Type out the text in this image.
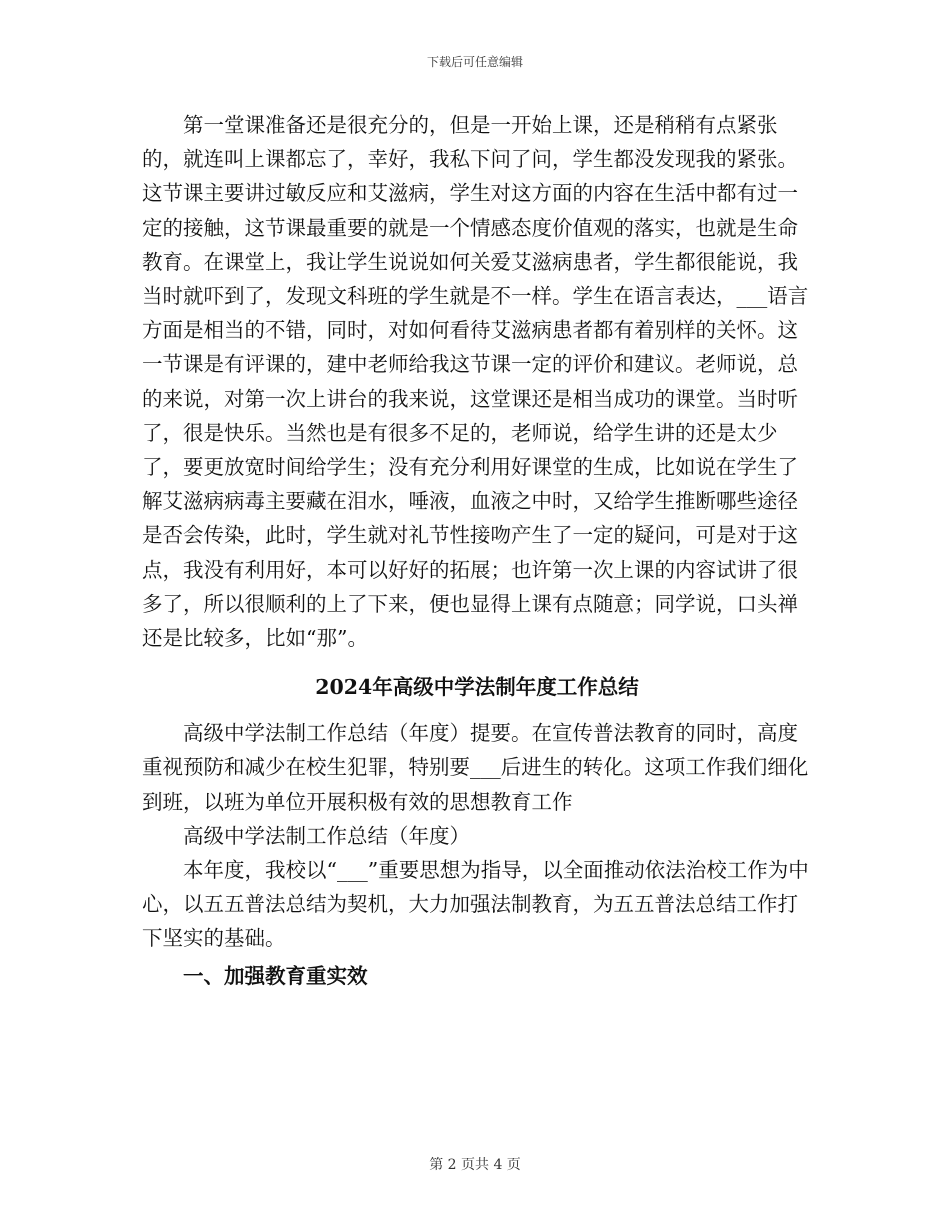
下载后可任意编辑

第一堂课准备还是很充分的，但是一开始上课，还是稍稍有点紧张的，就连叫上课都忘了，幸好，我私下问了问，学生都没发现我的紧张。这节课主要讲过敏反应和艾滋病，学生对这方面的内容在生活中都有过一定的接触，这节课最重要的就是一个情感态度价值观的落实，也就是生命教育。在课堂上，我让学生说说如何关爱艾滋病患者，学生都很能说，我当时就吓到了，发现文科班的学生就是不一样。学生在语言表达，___语言方面是相当的不错，同时，对如何看待艾滋病患者都有着别样的关怀。这一节课是有评课的，建中老师给我这节课一定的评价和建议。老师说，总的来说，对第一次上讲台的我来说，这堂课还是相当成功的课堂。当时听了，很是快乐。当然也是有很多不足的，老师说，给学生讲的还是太少了，要更放宽时间给学生；没有充分利用好课堂的生成，比如说在学生了解艾滋病病毒主要藏在泪水，唾液，血液之中时，又给学生推断哪些途径是否会传染，此时，学生就对礼节性接吻产生了一定的疑问，可是对于这点，我没有利用好，本可以好好的拓展；也许第一次上课的内容试讲了很多了，所以很顺利的上了下来，便也显得上课有点随意；同学说，口头禅还是比较多，比如“那”。

2024年高级中学法制年度工作总结

高级中学法制工作总结（年度）提要。在宣传普法教育的同时，高度重视预防和减少在校生犯罪，特别要___后进生的转化。这项工作我们细化到班，以班为单位开展积极有效的思想教育工作

高级中学法制工作总结（年度）

本年度，我校以“___”重要思想为指导，以全面推动依法治校工作为中心，以五五普法总结为契机，大力加强法制教育，为五五普法总结工作打下坚实的基础。

一、加强教育重实效
第 2 页共 4 页
